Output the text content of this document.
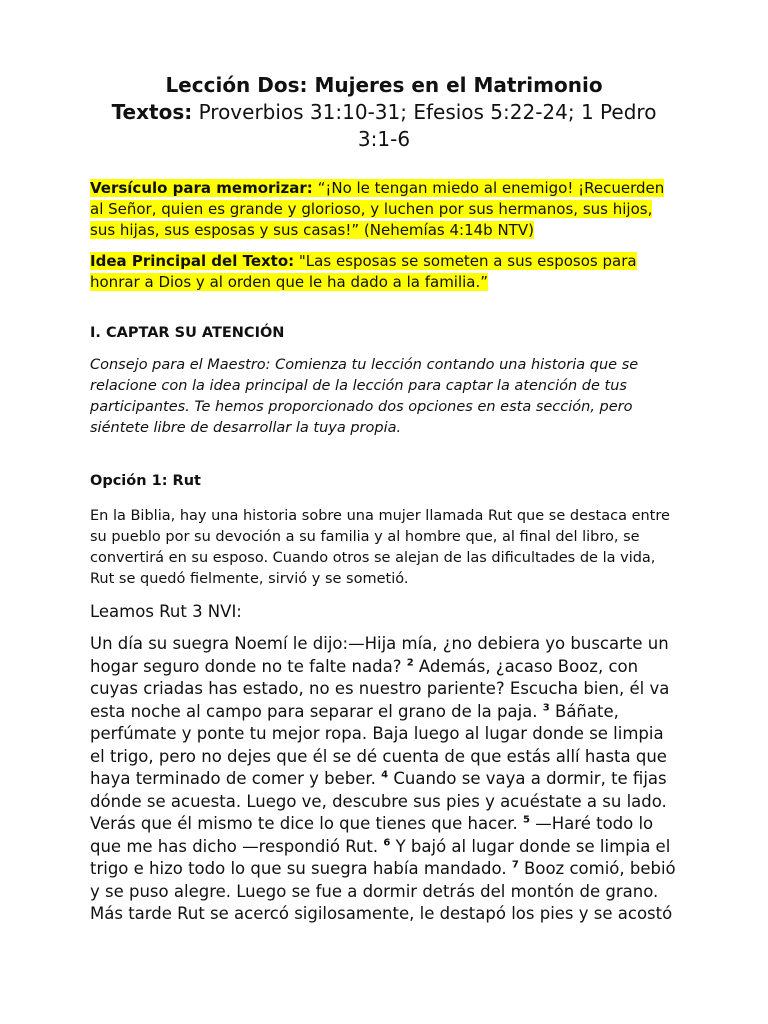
Lección Dos: Mujeres en el Matrimonio
Textos: Proverbios 31:10-31; Efesios 5:22-24; 1 Pedro 3:1-6
Versículo para memorizar: “¡No le tengan miedo al enemigo! ¡Recuerden al Señor, quien es grande y glorioso, y luchen por sus hermanos, sus hijos, sus hijas, sus esposas y sus casas!” (Nehemías 4:14b NTV)
Idea Principal del Texto: "Las esposas se someten a sus esposos para honrar a Dios y al orden que le ha dado a la familia.”
I. CAPTAR SU ATENCIÓN
Consejo para el Maestro: Comienza tu lección contando una historia que se relacione con la idea principal de la lección para captar la atención de tus participantes. Te hemos proporcionado dos opciones en esta sección, pero siéntete libre de desarrollar la tuya propia.
Opción 1: Rut
En la Biblia, hay una historia sobre una mujer llamada Rut que se destaca entre su pueblo por su devoción a su familia y al hombre que, al final del libro, se convertirá en su esposo. Cuando otros se alejan de las dificultades de la vida, Rut se quedó fielmente, sirvió y se sometió.
Leamos Rut 3 NVI:
Un día su suegra Noemí le dijo:—Hija mía, ¿no debiera yo buscarte un hogar seguro donde no te falte nada? $^2$ Además, ¿acaso Booz, con cuyas criadas has estado, no es nuestro pariente? Escucha bien, él va esta noche al campo para separar el grano de la paja. $^3$ Báñate, perfúmate y ponte tu mejor ropa. Baja luego al lugar donde se limpia el trigo, pero no dejes que él se dé cuenta de que estás allí hasta que haya terminado de comer y beber. $^4$ Cuando se vaya a dormir, te fijas dónde se acuesta. Luego ve, descubre sus pies y acuéstate a su lado. Verás que él mismo te dice lo que tienes que hacer. $^5$ —Haré todo lo que me has dicho —respondió Rut. $^6$ Y bajó al lugar donde se limpia el trigo e hizo todo lo que su suegra había mandado. $^7$ Booz comió, bebió y se puso alegre. Luego se fue a dormir detrás del montón de grano. Más tarde Rut se acercó sigilosamente, le destapó los pies y se acostó
